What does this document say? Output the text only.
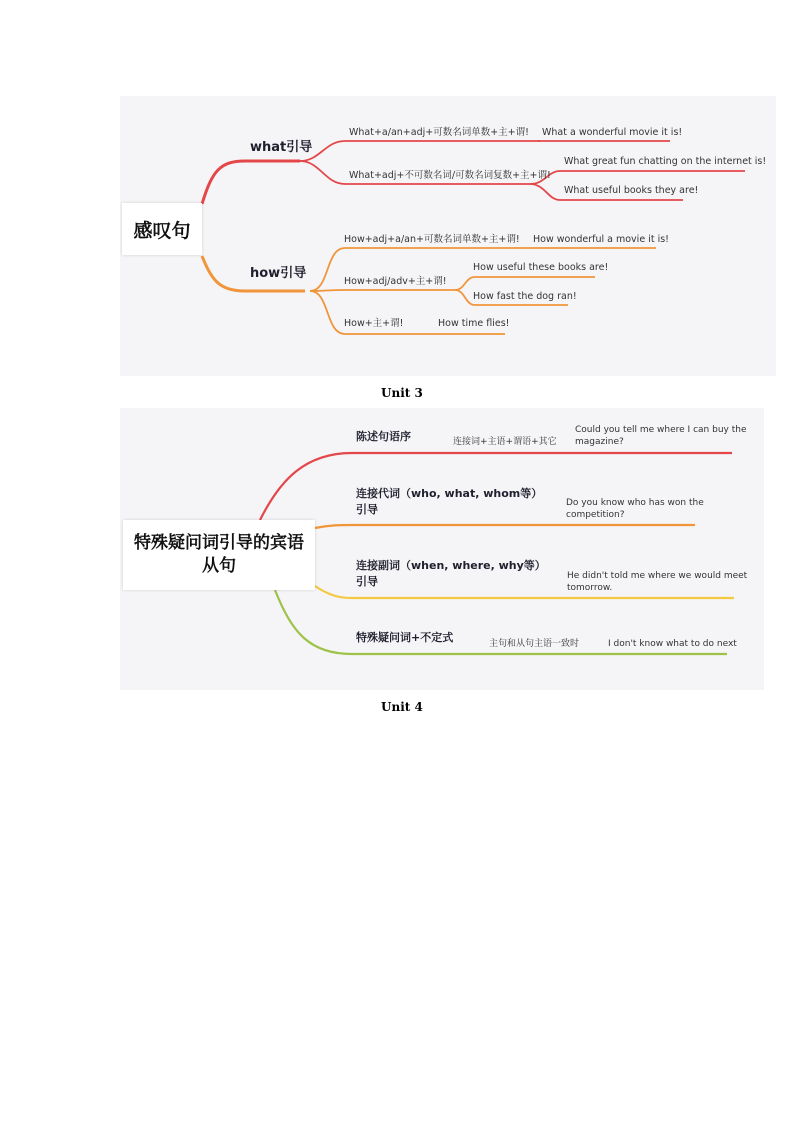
感叹句
what引导
how引导
What+a/an+adj+可数名词单数+主+谓! What a wonderful movie it is!
What+adj+不可数名词/可数名词复数+主+谓!
What great fun chatting on the internet is!
What useful books they are!
How+adj+a/an+可数名词单数+主+谓! How wonderful a movie it is!
How+adj/adv+主+谓!
How useful these books are!
How fast the dog ran!
How+主+谓!	How time flies!
Unit 3
特殊疑问词引导的宾语
从句
陈述句语序	连接词+主语+谓语+其它
Could you tell me where I can buy the
magazine?
连接代词（who, what, whom等）
引导	Do you know who has won the
competition?
连接副词（when, where, why等）
引导	He didn't told me where we would meet
tomorrow.
特殊疑问词+不定式	主句和从句主语一致时	I don't know what to do next
Unit 4
